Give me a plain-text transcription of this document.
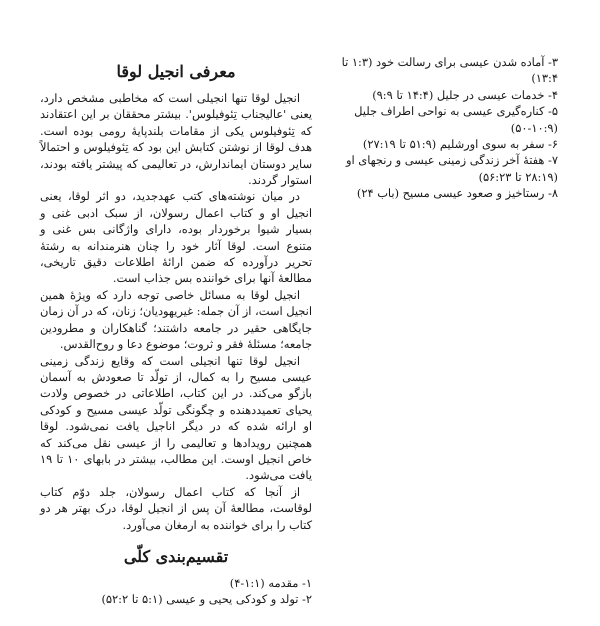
معرفی انجیل لوقا

انجیل لوقا تنها انجیلی است که مخاطبی مشخص دارد، یعنی 'عالیجناب تِئوفیلوس'. بیشتر محققان بر این اعتقادند که تِئوفیلوس یکی از مقامات بلندپایهٔ رومی بوده است. هدف لوقا از نوشتن کتابش این بود که تِئوفیلوس و احتمالاً سایر دوستان ایماندارش، در تعالیمی که پیشتر یافته بودند، استوار گردند.

در میان نوشته‌های کتب عهدجدید، دو اثر لوقا، یعنی انجیل او و کتاب اعمال رسولان، از سبک ادبی غنی و بسیار شیوا برخوردار بوده، دارای واژگانی بس غنی و متنوع است. لوقا آثار خود را چنان هنرمندانه به رشتهٔ تحریر درآورده که ضمن ارائهٔ اطلاعات دقیق تاریخی، مطالعهٔ آنها برای خواننده بس جذاب است.

انجیل لوقا به مسائل خاصی توجه دارد که ویژهٔ همین انجیل است، از آن جمله: غیریهودیان؛ زنان، که در آن زمان جایگاهی حقیر در جامعه داشتند؛ گناهکاران و مطرودین جامعه؛ مسئلهٔ فقر و ثروت؛ موضوع دعا و روح‌القدس.

انجیل لوقا تنها انجیلی است که وقایع زندگی زمینی عیسی مسیح را به کمال، از تولّد تا صعودش به آسمان بازگو می‌کند. در این کتاب، اطلاعاتی در خصوص ولادت یحیای تعمیددهنده و چگونگی تولّد عیسی مسیح و کودکی او ارائه شده که در دیگر اناجیل یافت نمی‌شود. لوقا همچنین رویدادها و تعالیمی را از عیسی نقل می‌کند که خاص انجیل اوست. این مطالب، بیشتر در بابهای ۱۰ تا ۱۹ یافت می‌شود.

از آنجا که کتاب اعمال رسولان، جلد دوّم کتاب لوقاست، مطالعهٔ آن پس از انجیل لوقا، درک بهتر هر دو کتاب را برای خواننده به ارمغان می‌آورد.

تقسیم‌بندی کلّی
۱- مقدمه (۱:۱-۴)
۲- تولد و کودکی یحیی و عیسی (۵:۱ تا ۵۲:۲)
۳- آماده شدن عیسی برای رسالت خود (۱:۳ تا ۱۳:۴)
۴- خدمات عیسی در جلیل (۱۴:۴ تا ۹:۹)
۵- کناره‌گیری عیسی به نواحی اطراف جلیل (۱۰:۹-۵۰)
۶- سفر به سوی اورشلیم (۵۱:۹ تا ۲۷:۱۹)
۷- هفتهٔ آخر زندگی زمینی عیسی و رنجهای او (۲۸:۱۹ تا ۵۶:۲۳)
۸- رستاخیز و صعود عیسی مسیح (باب ۲۴)
